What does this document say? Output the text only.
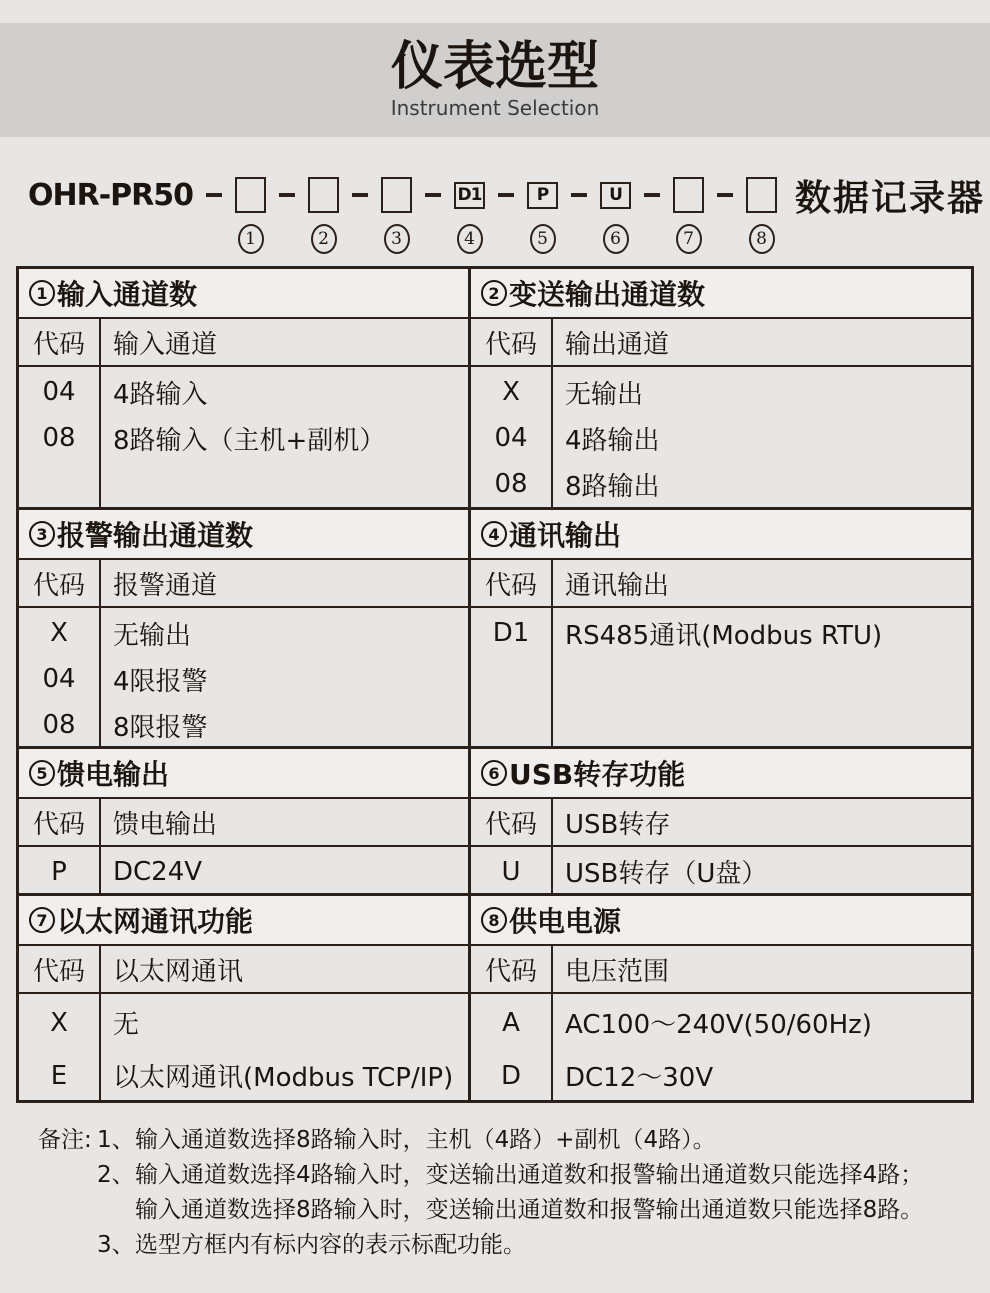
仪表选型
Instrument Selection
OHR-PR50
1	2	3
D1
4
P
5
U
6	7	8
数据记录器
1 输入通道数
代码	输入通道
04	4路输入
08	8路输入（主机+副机）
2 变送输出通道数
代码	输出通道
X	无输出
04	4路输出
08	8路输出
3 报警输出通道数
代码	报警通道
X	无输出
04	4限报警
08	8限报警
4 通讯输出
代码	通讯输出
D1	RS485通讯(Modbus RTU)
5 馈电输出
代码	馈电输出
P	DC24V
6 USB转存功能
代码	USB转存
U	USB转存（U盘）
7 以太网通讯功能
代码	以太网通讯
X	无
E	以太网通讯(Modbus TCP/IP)
8 供电电源
代码	电压范围
A	AC100～240V(50/60Hz)
D	DC12～30V
备注: 1、 输入通道数选择8路输入时，主机（4路）+副机（4路）。
2、 输入通道数选择4路输入时，变送输出通道数和报警输出通道数只能选择4路；
输入通道数选择8路输入时，变送输出通道数和报警输出通道数只能选择8路。
3、 选型方框内有标内容的表示标配功能。
